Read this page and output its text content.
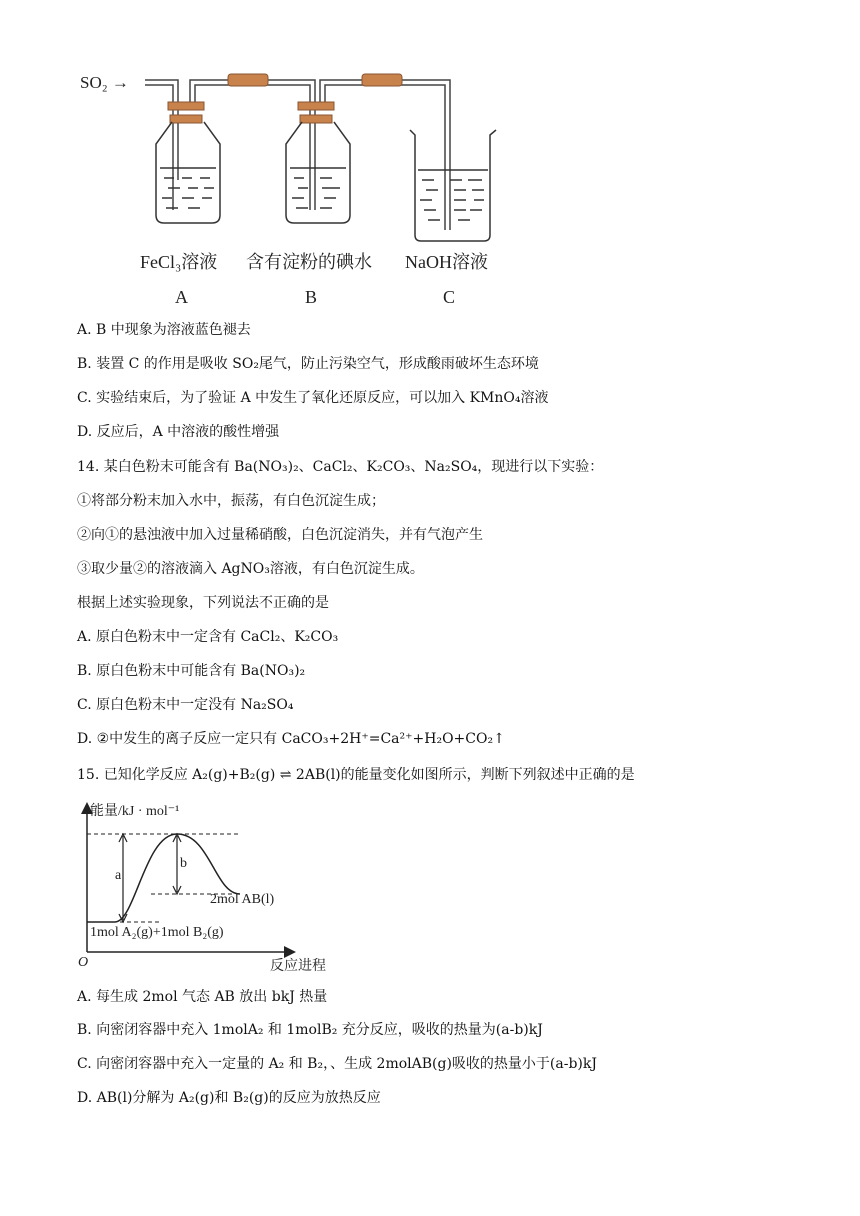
SO₂ →
FeCl₃溶液 含有淀粉的碘水 NaOH溶液
A	B	C
A. B 中现象为溶液蓝色褪去
B. 装置 C 的作用是吸收 SO₂尾气，防止污染空气，形成酸雨破坏生态环境
C. 实验结束后，为了验证 A 中发生了氧化还原反应，可以加入 KMnO₄溶液
D. 反应后，A 中溶液的酸性增强
14. 某白色粉末可能含有 Ba(NO₃)₂、CaCl₂、K₂CO₃、Na₂SO₄，现进行以下实验：
①将部分粉末加入水中，振荡，有白色沉淀生成；
②向①的悬浊液中加入过量稀硝酸，白色沉淀消失，并有气泡产生
③取少量②的溶液滴入 AgNO₃溶液，有白色沉淀生成。
根据上述实验现象，下列说法不正确的是
A. 原白色粉末中一定含有 CaCl₂、K₂CO₃
B. 原白色粉末中可能含有 Ba(NO₃)₂
C. 原白色粉末中一定没有 Na₂SO₄
D. ②中发生的离子反应一定只有 CaCO₃+2H⁺=Ca²⁺+H₂O+CO₂↑
15. 已知化学反应 A₂(g)+B₂(g) ⇌ 2AB(l)的能量变化如图所示，判断下列叙述中正确的是
能量/kJ · mol⁻¹
a
b
2mol AB(l)
1mol A₂(g)+1mol B₂(g)
O	反应进程
A. 每生成 2mol 气态 AB 放出 bkJ 热量
B. 向密闭容器中充入 1molA₂ 和 1molB₂ 充分反应，吸收的热量为(a-b)kJ
C. 向密闭容器中充入一定量的 A₂ 和 B₂，、生成 2molAB(g)吸收的热量小于(a-b)kJ
D. AB(l)分解为 A₂(g)和 B₂(g)的反应为放热反应
